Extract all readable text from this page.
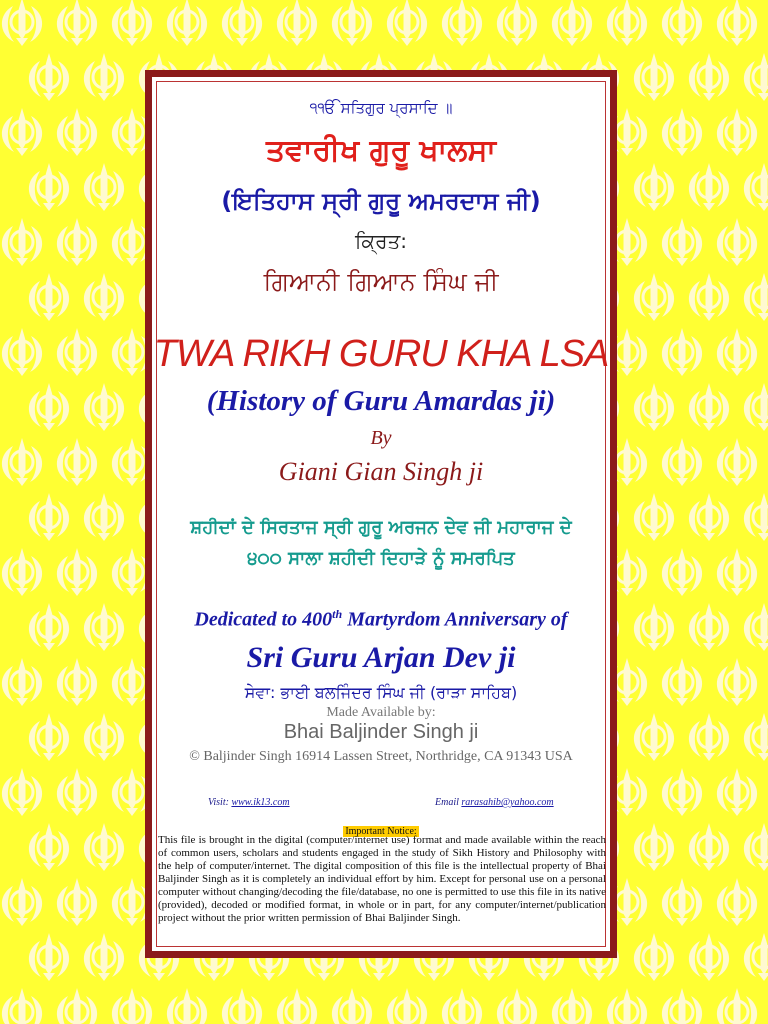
੧ੴ ਸਤਿਗੁਰ ਪ੍ਰਸਾਦਿ ॥
ਤਵਾਰੀਖ ਗੁਰੂ ਖਾਲਸਾ
(ਇਤਿਹਾਸ ਸ੍ਰੀ ਗੁਰੂ ਅਮਰਦਾਸ ਜੀ)
ਕ੍ਰਿਤ:
ਗਿਆਨੀ ਗਿਆਨ ਸਿੰਘ ਜੀ
TWA RIKH GURU KHA LSA
(History of Guru Amardas ji)
By
Giani Gian Singh ji
ਸ਼ਹੀਦਾਂ ਦੇ ਸਿਰਤਾਜ ਸ੍ਰੀ ਗੁਰੂ ਅਰਜਨ ਦੇਵ ਜੀ ਮਹਾਰਾਜ ਦੇ
੪੦੦ ਸਾਲਾ ਸ਼ਹੀਦੀ ਦਿਹਾੜੇ ਨੂੰ ਸਮਰਪਿਤ
Dedicated to 400th Martyrdom Anniversary of
Sri Guru Arjan Dev ji
ਸੇਵਾ: ਭਾਈ ਬਲਜਿੰਦਰ ਸਿੰਘ ਜੀ (ਰਾੜਾ ਸਾਹਿਬ)
Made Available by:
Bhai Baljinder Singh ji
© Baljinder Singh 16914 Lassen Street, Northridge, CA 91343 USA
Visit: www.ik13.com	Email rarasahib@yahoo.com
Important Notice:
This file is brought in the digital (computer/internet use) format and made available within the reach of common users, scholars and students engaged in the study of Sikh History and Philosophy with the help of computer/internet. The digital composition of this file is the intellectual property of Bhai Baljinder Singh as it is completely an individual effort by him. Except for personal use on a personal computer without changing/decoding the file/database, no one is permitted to use this file in its native (provided), decoded or modified format, in whole or in part, for any computer/internet/publication project without the prior written permission of Bhai Baljinder Singh.
